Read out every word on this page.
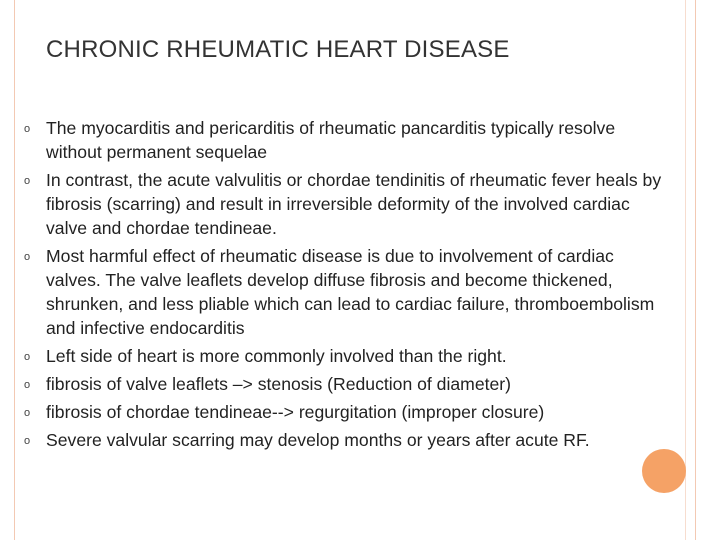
CHRONIC RHEUMATIC HEART DISEASE
o The myocarditis and pericarditis of rheumatic pancarditis typically resolve without permanent sequelae
o In contrast, the acute valvulitis or chordae tendinitis of rheumatic fever heals by fibrosis (scarring) and result in irreversible deformity of the involved cardiac valve and chordae tendineae.
o Most harmful effect of rheumatic disease is due to involvement of cardiac valves. The valve leaflets develop diffuse fibrosis and become thickened, shrunken, and less pliable which can lead to cardiac failure, thromboembolism and infective endocarditis
o Left side of heart is more commonly involved than the right.
o fibrosis of valve leaflets –> stenosis (Reduction of diameter)
o fibrosis of chordae tendineae--> regurgitation (improper closure)
o Severe valvular scarring may develop months or years after acute RF.
